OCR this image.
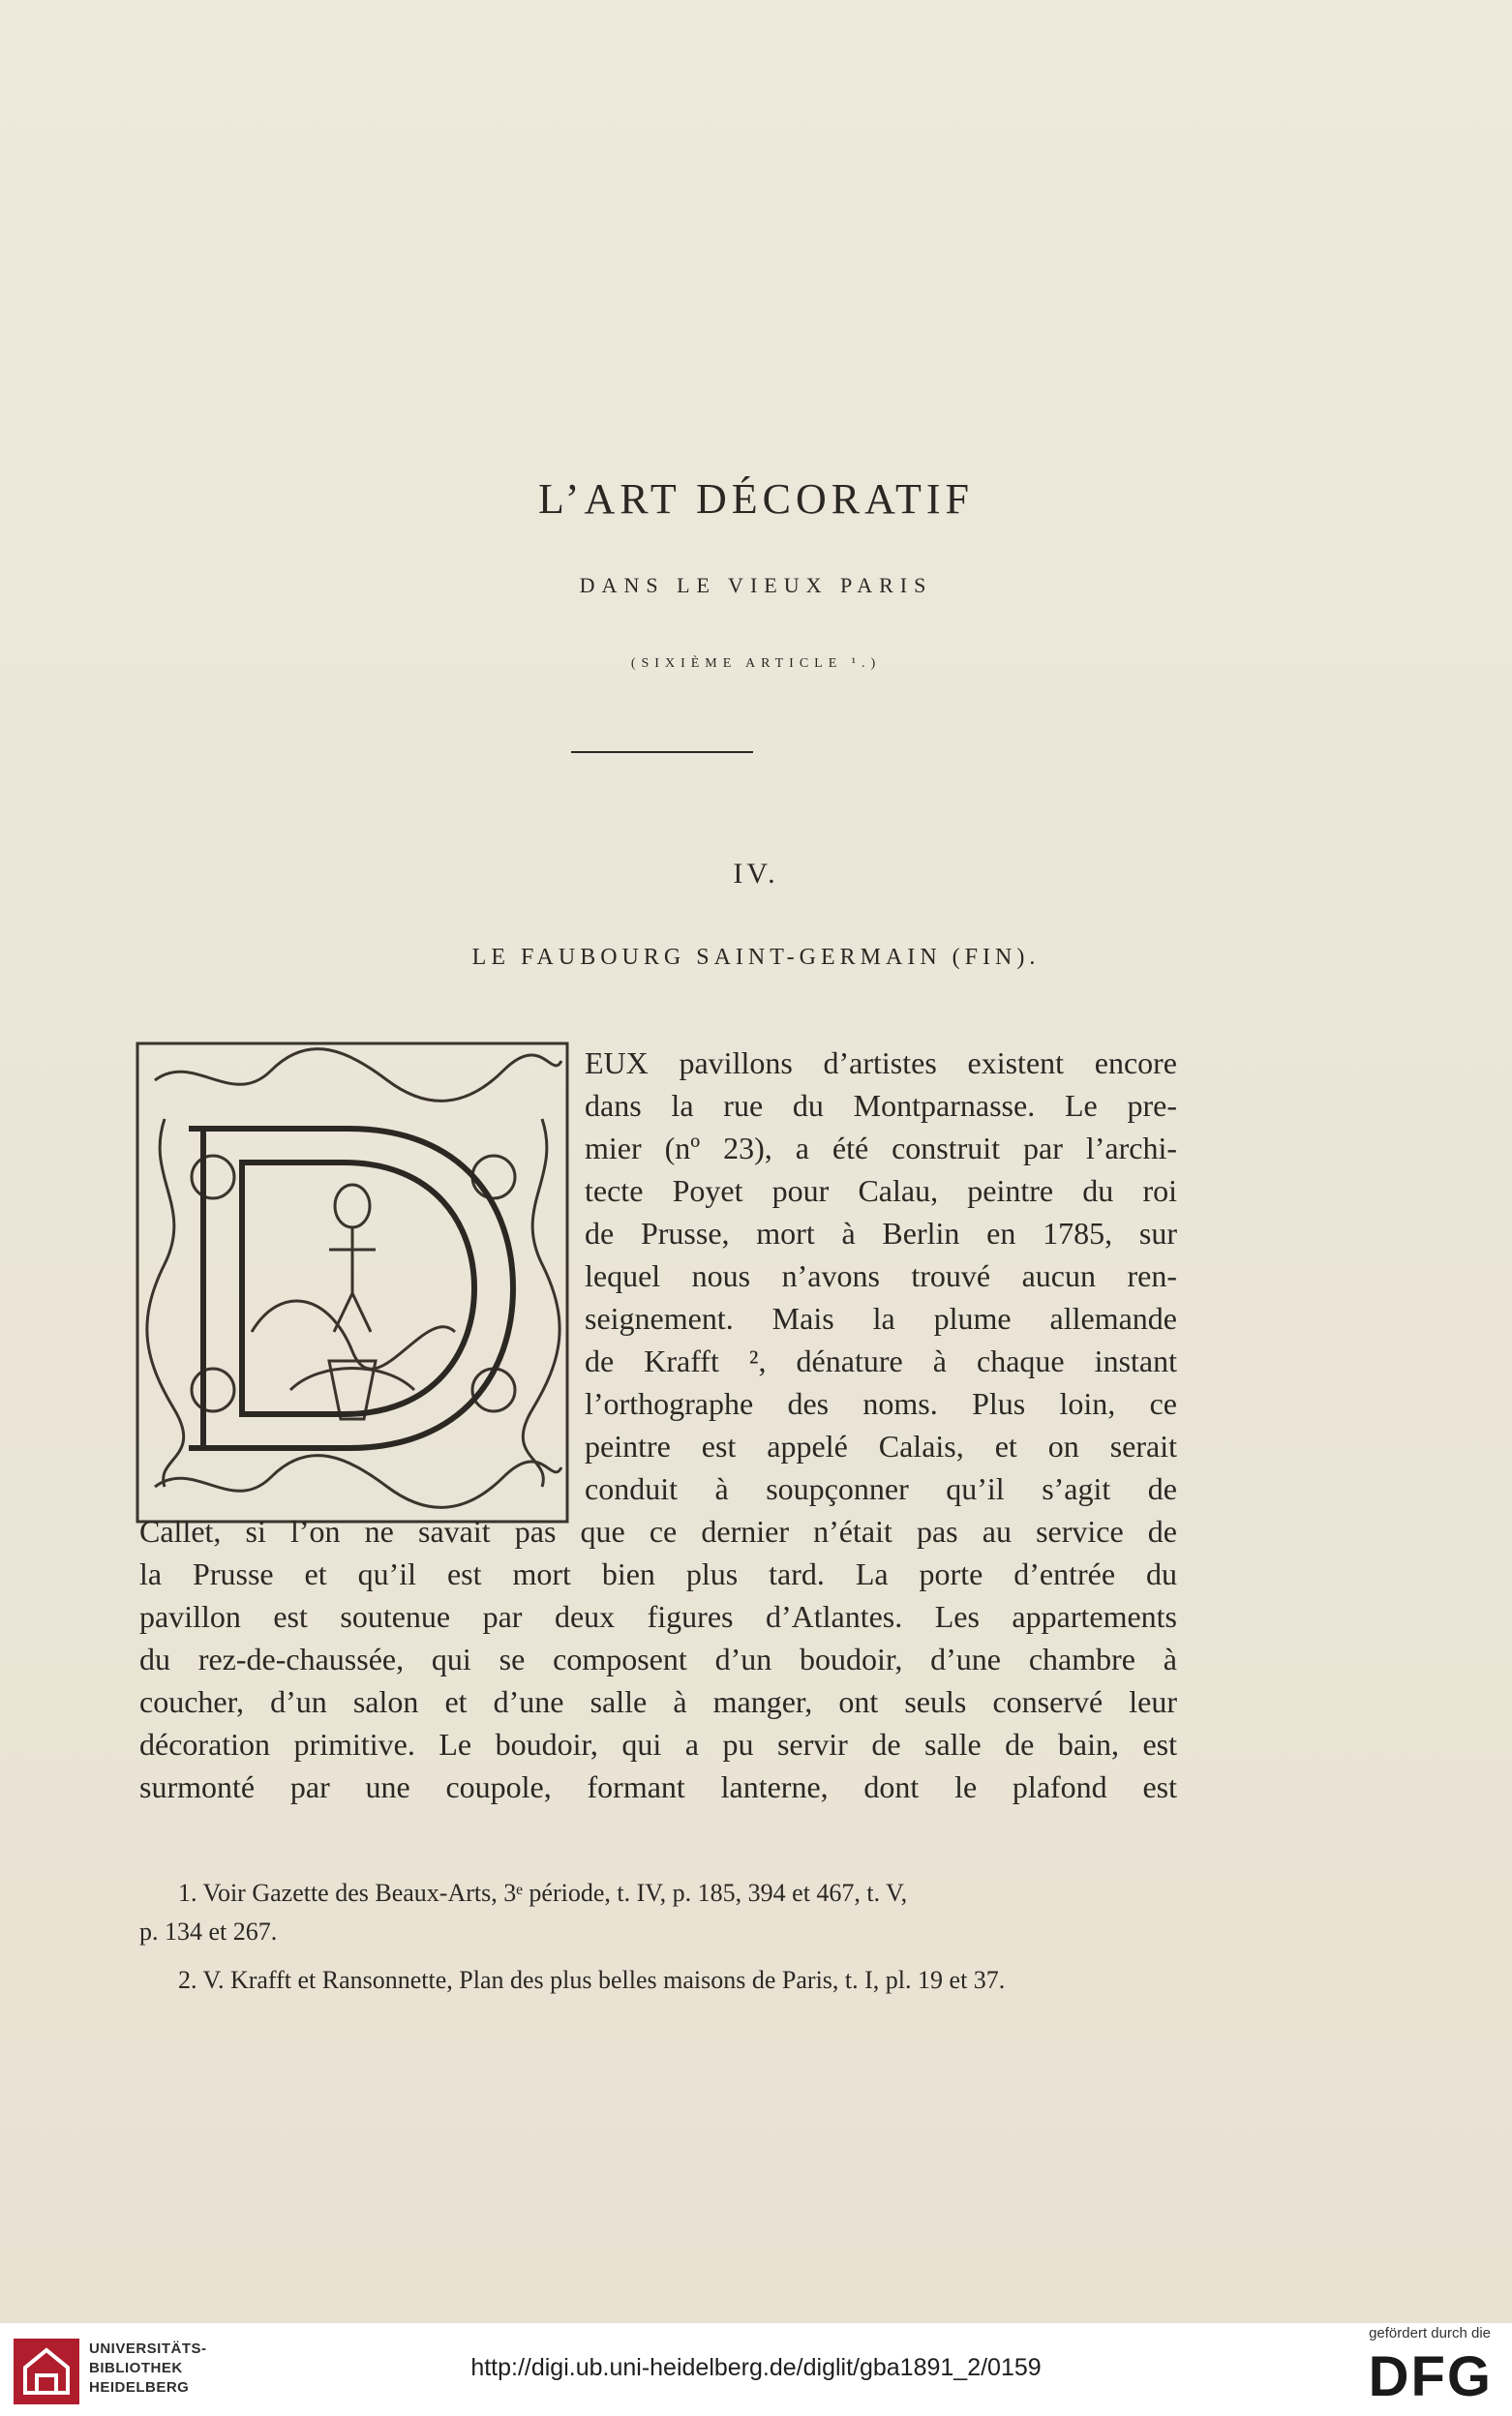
L’ART DÉCORATIF
DANS LE VIEUX PARIS
(SIXIÈME ARTICLE ¹.)
IV.
LE FAUBOURG SAINT-GERMAIN (FIN).
EUX pavillons d’artistes existent encore
dans la rue du Montparnasse. Le pre-
mier (nº 23), a été construit par l’archi-
tecte Poyet pour Calau, peintre du roi
de Prusse, mort à Berlin en 1785, sur
lequel nous n’avons trouvé aucun ren-
seignement. Mais la plume allemande
de Krafft ², dénature à chaque instant
l’orthographe des noms. Plus loin, ce
peintre est appelé Calais, et on serait
conduit à soupçonner qu’il s’agit de
Callet, si l’on ne savait pas que ce dernier n’était pas au service de
la Prusse et qu’il est mort bien plus tard. La porte d’entrée du
pavillon est soutenue par deux figures d’Atlantes. Les appartements
du rez-de-chaussée, qui se composent d’un boudoir, d’une chambre à
coucher, d’un salon et d’une salle à manger, ont seuls conservé leur
décoration primitive. Le boudoir, qui a pu servir de salle de bain, est
surmonté par une coupole, formant lanterne, dont le plafond est
1. Voir Gazette des Beaux-Arts, 3ᵉ période, t. IV, p. 185, 394 et 467, t. V,
p. 134 et 267.
2. V. Krafft et Ransonnette, Plan des plus belles maisons de Paris, t. I, pl. 19 et 37.
UNIVERSITÄTS-
BIBLIOTHEK
HEIDELBERG
http://digi.ub.uni-heidelberg.de/diglit/gba1891_2/0159
gefördert durch die
DFG
